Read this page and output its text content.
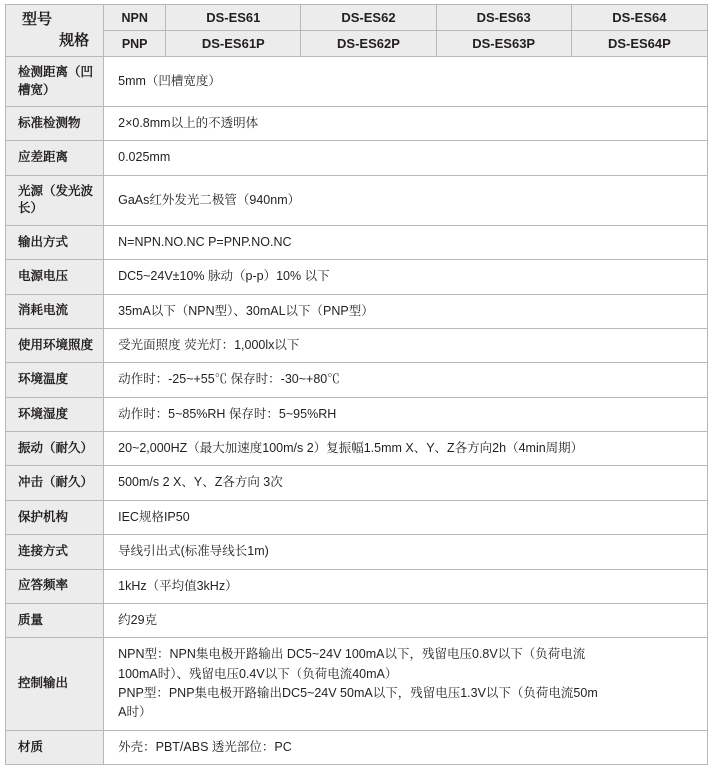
型号
规格	NPN	DS-ES61	DS-ES62	DS-ES63	DS-ES64
	PNP	DS-ES61P	DS-ES62P	DS-ES63P	DS-ES64P
检测距离（凹槽宽）	5mm（凹槽宽度）				

标准检测物	2×0.8mm以上的不透明体				

应差距离	0.025mm				

光源（发光波长）	GaAs红外发光二极管（940nm）				

输出方式	N=NPN.NO.NC P=PNP.NO.NC				

电源电压	DC5~24V±10% 脉动（p-p）10% 以下				

消耗电流	35mA以下（NPN型）、30mAL以下（PNP型）				

使用环境照度	受光面照度 荧光灯：1,000lx以下				

环境温度	动作时：-25~+55℃ 保存时：-30~+80℃				

环境湿度	动作时：5~85%RH 保存时：5~95%RH				

振动（耐久）	20~2,000HZ（最大加速度100m/s 2）复振幅1.5mm X、Y、Z各方向2h（4min周期）				

冲击（耐久）	500m/s 2 X、Y、Z各方向 3次				

保护机构	IEC规格IP50				

连接方式	导线引出式(标准导线长1m)				

应答频率	1kHz（平均值3kHz）				

质量	约29克				

控制输出	NPN型：NPN集电极开路输出 DC5~24V 100mA以下，残留电压0.8V以下（负荷电流
100mA时）、残留电压0.4V以下（负荷电流40mA）
PNP型：PNP集电极开路输出DC5~24V 50mA以下，残留电压1.3V以下（负荷电流50m
A时）				

材质	外壳：PBT/ABS 透光部位：PC				
